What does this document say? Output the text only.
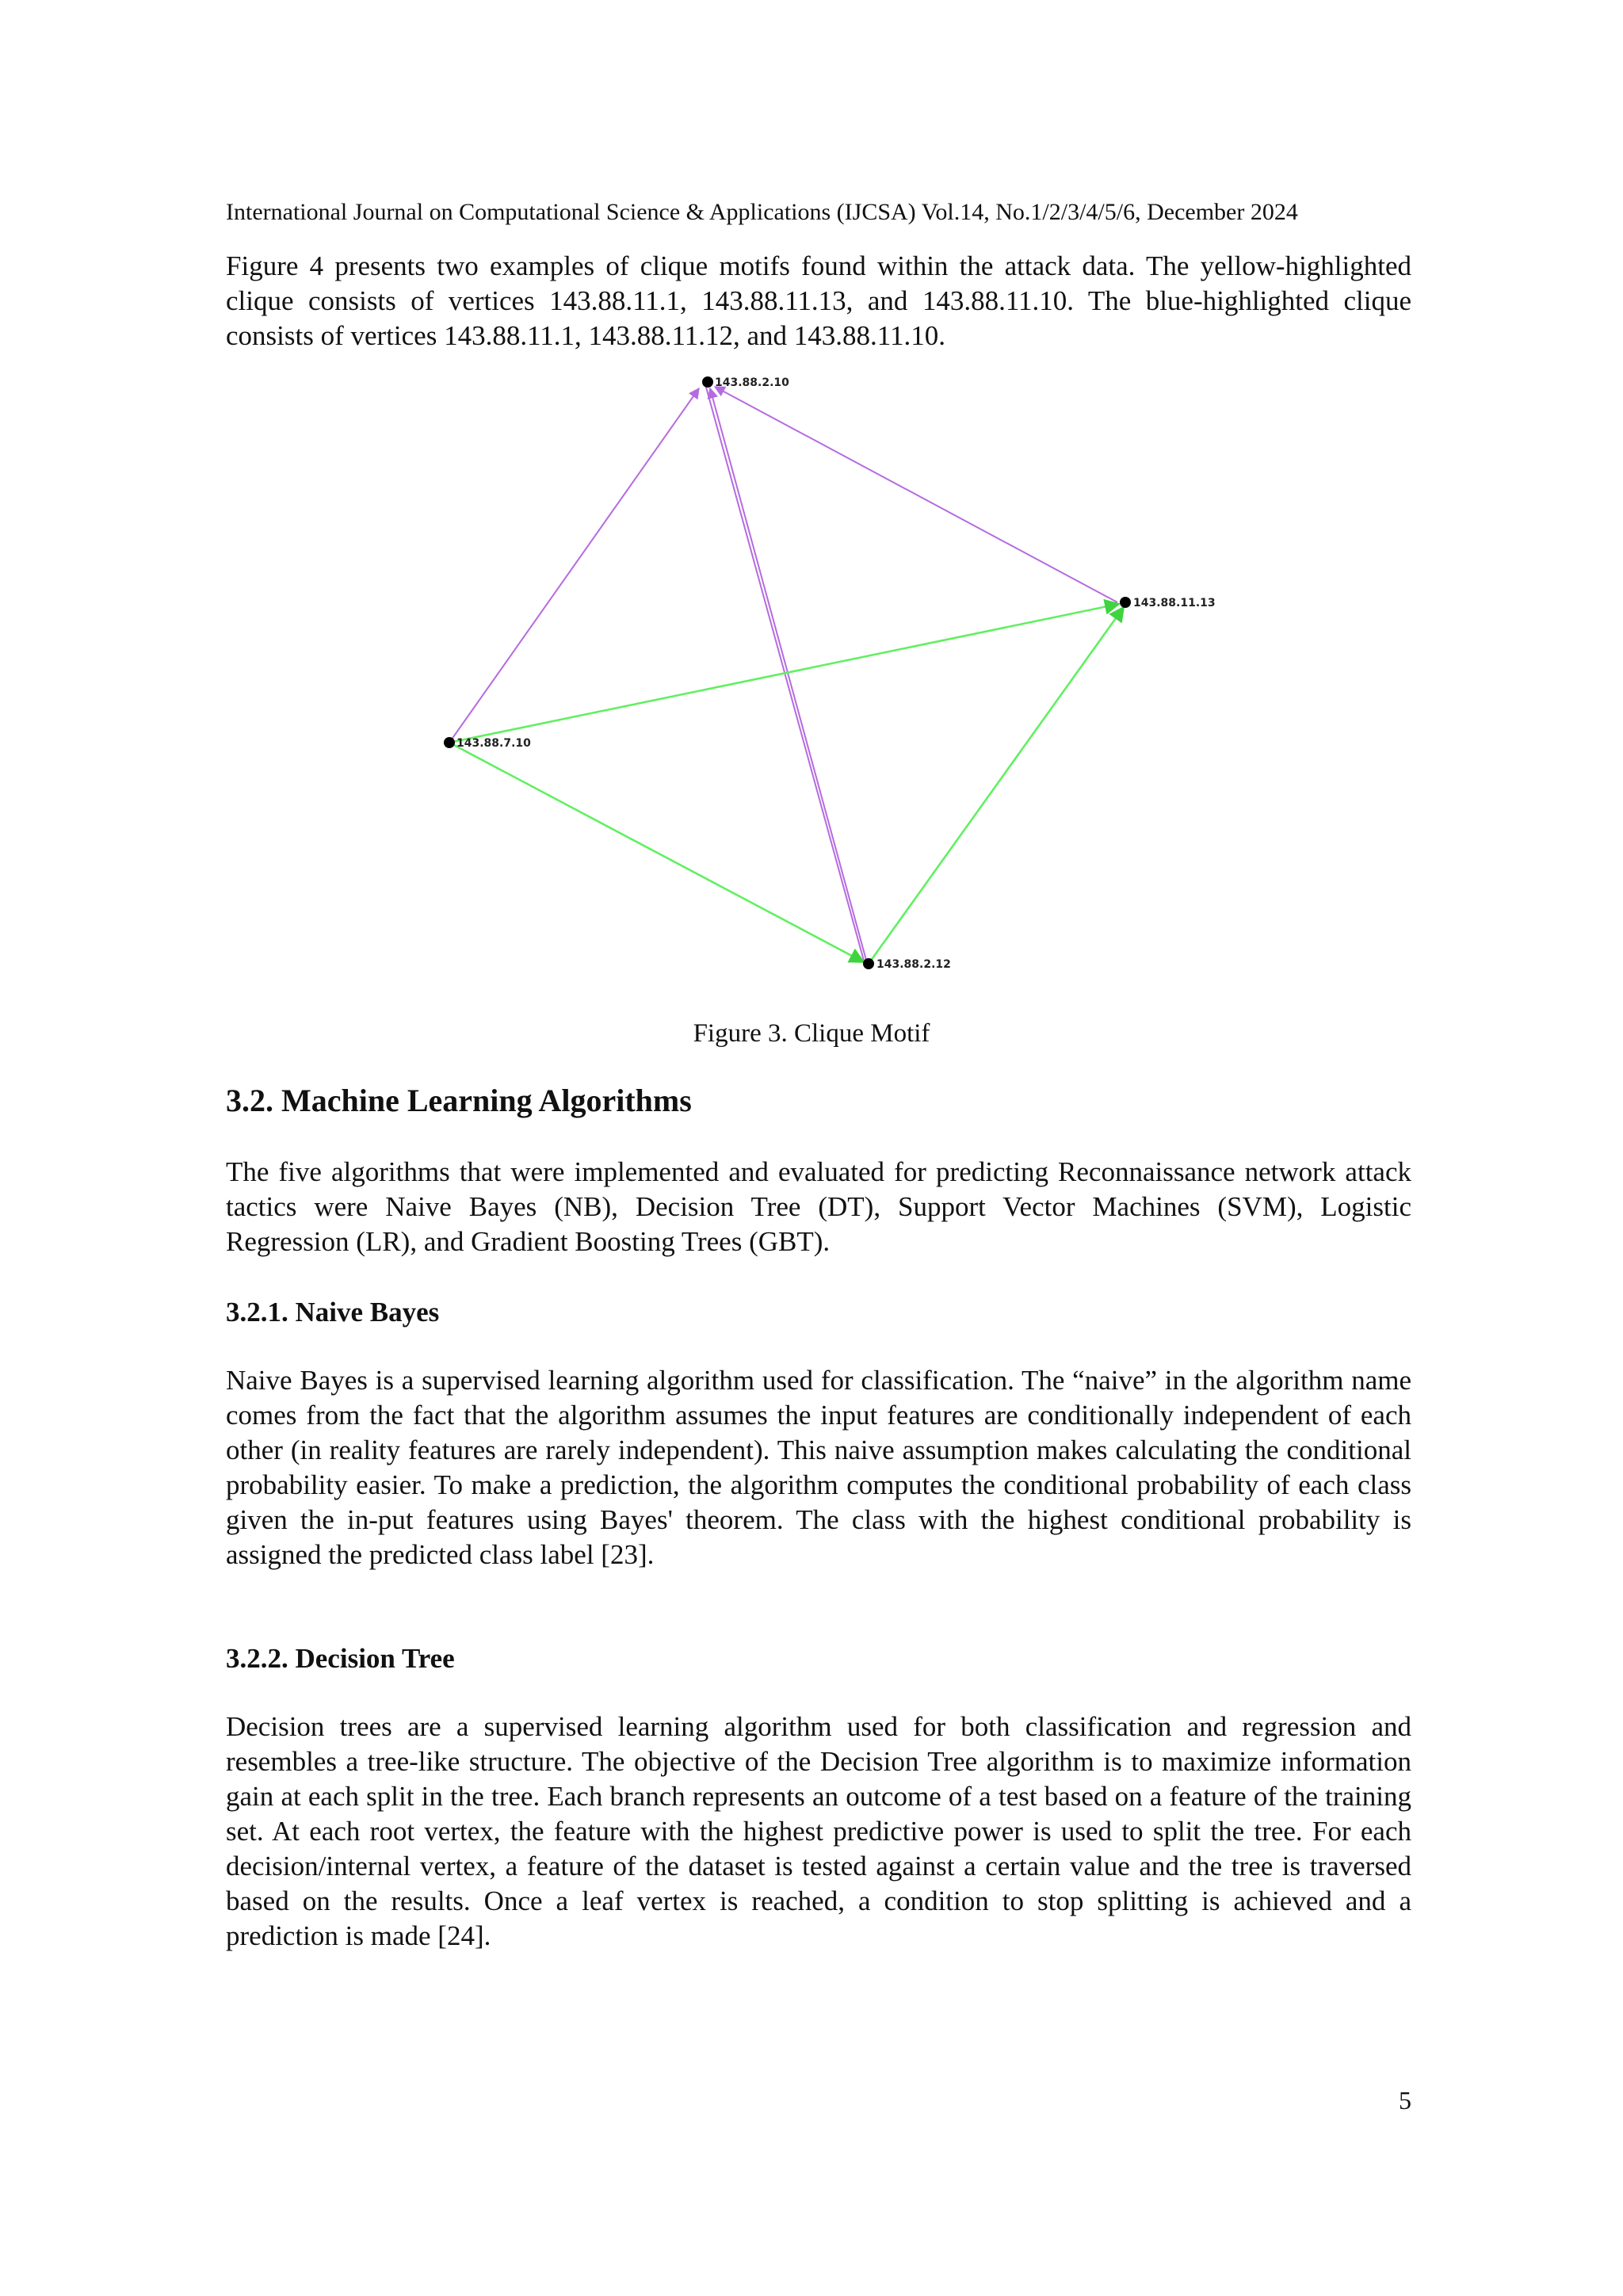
International Journal on Computational Science & Applications (IJCSA) Vol.14, No.1/2/3/4/5/6, December 2024

Figure 4 presents two examples of clique motifs found within the attack data. The yellow-highlighted clique consists of vertices 143.88.11.1, 143.88.11.13, and 143.88.11.10. The blue-highlighted clique consists of vertices 143.88.11.1, 143.88.11.12, and 143.88.11.10.

143.88.2.10
143.88.11.13
143.88.7.10
143.88.2.12
Figure 3. Clique Motif
3.2. Machine Learning Algorithms

The five algorithms that were implemented and evaluated for predicting Reconnaissance network attack tactics were Naive Bayes (NB), Decision Tree (DT), Support Vector Machines (SVM), Logistic Regression (LR), and Gradient Boosting Trees (GBT).

3.2.1. Naive Bayes

Naive Bayes is a supervised learning algorithm used for classification. The “naive” in the algorithm name comes from the fact that the algorithm assumes the input features are conditionally independent of each other (in reality features are rarely independent). This naive assumption makes calculating the conditional probability easier. To make a prediction, the algorithm computes the conditional probability of each class given the in-put features using Bayes' theorem. The class with the highest conditional probability is assigned the predicted class label [23].

3.2.2. Decision Tree

Decision trees are a supervised learning algorithm used for both classification and regression and resembles a tree-like structure. The objective of the Decision Tree algorithm is to maximize information gain at each split in the tree. Each branch represents an outcome of a test based on a feature of the training set. At each root vertex, the feature with the highest predictive power is used to split the tree. For each decision/internal vertex, a feature of the dataset is tested against a certain value and the tree is traversed based on the results. Once a leaf vertex is reached, a condition to stop splitting is achieved and a prediction is made [24].

5
